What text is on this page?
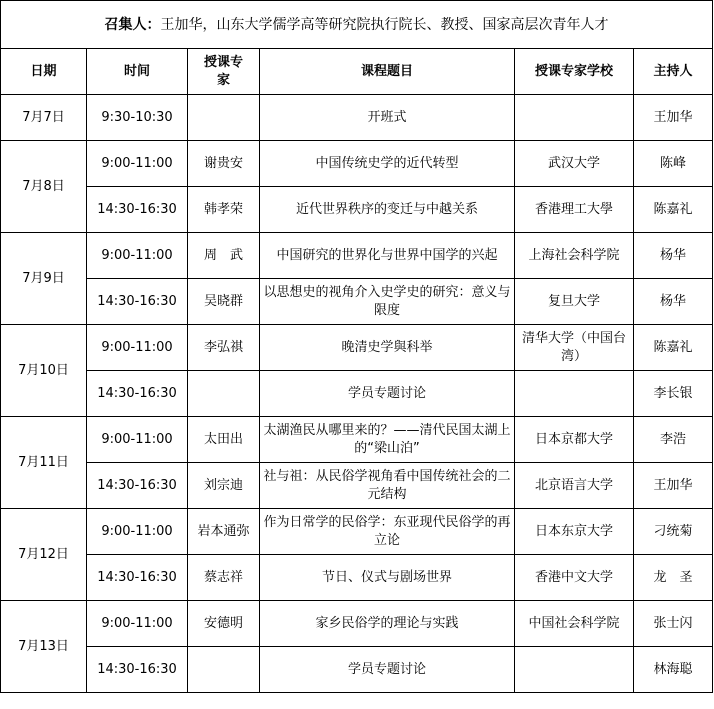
召集人：王加华，山东大学儒学高等研究院执行院长、教授、国家高层次青年人才					
日期	时间	授课专家	课程题目	授课专家学校	主持人
7月7日	9:30-10:30		开班式		王加华
7月8日	9:00-11:00	谢贵安	中国传统史学的近代转型	武汉大学	陈峰
	14:30-16:30	韩孝荣	近代世界秩序的变迁与中越关系	香港理工大學	陈嘉礼
7月9日	9:00-11:00	周　武	中国研究的世界化与世界中国学的兴起	上海社会科学院	杨华
	14:30-16:30	吴晓群	以思想史的视角介入史学史的研究：意义与限度	复旦大学	杨华
7月10日	9:00-11:00	李弘祺	晚清史学與科举	清华大学（中国台湾）	陈嘉礼
	14:30-16:30		学员专题讨论		李长银
7月11日	9:00-11:00	太田出	太湖渔民从哪里来的？——清代民国太湖上的“梁山泊”	日本京都大学	李浩
	14:30-16:30	刘宗迪	社与祖：从民俗学视角看中国传统社会的二元结构	北京语言大学	王加华
7月12日	9:00-11:00	岩本通弥	作为日常学的民俗学：东亚现代民俗学的再立论	日本东京大学	刁统菊
	14:30-16:30	蔡志祥	节日、仪式与剧场世界	香港中文大学	龙　圣
7月13日	9:00-11:00	安德明	家乡民俗学的理论与实践	中国社会科学院	张士闪
	14:30-16:30		学员专题讨论		林海聪
